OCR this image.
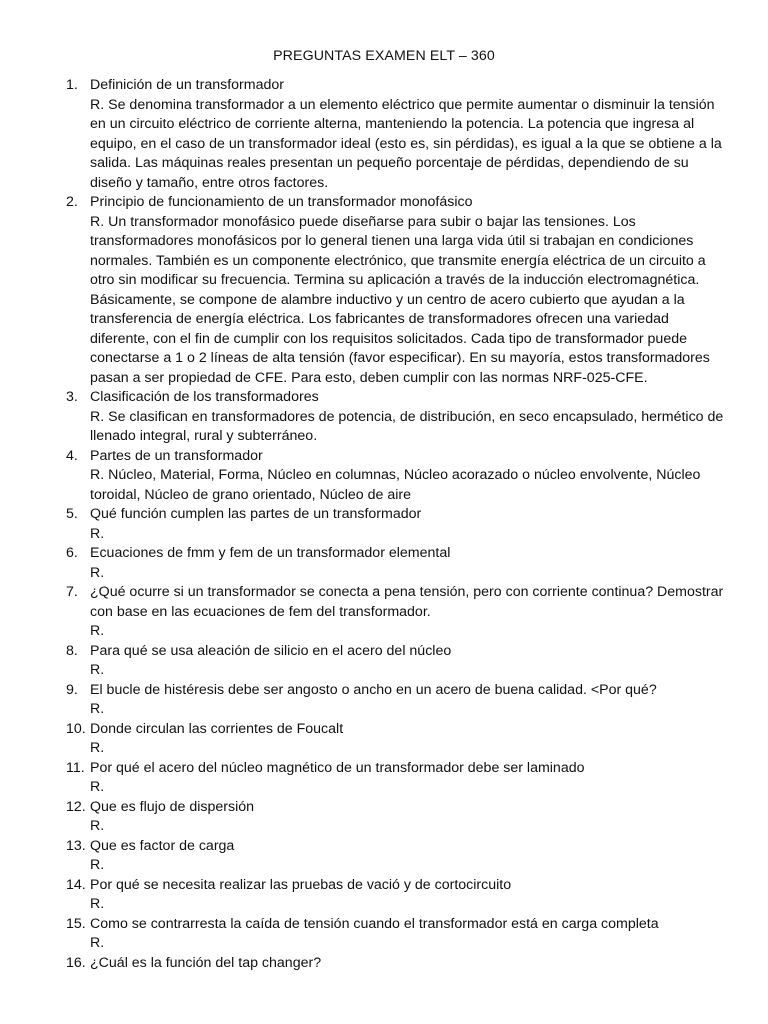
PREGUNTAS EXAMEN ELT – 360
1. Definición de un transformador
R. Se denomina transformador a un elemento eléctrico que permite aumentar o disminuir la tensión en un circuito eléctrico de corriente alterna, manteniendo la potencia. La potencia que ingresa al equipo, en el caso de un transformador ideal (esto es, sin pérdidas), es igual a la que se obtiene a la salida. Las máquinas reales presentan un pequeño porcentaje de pérdidas, dependiendo de su diseño y tamaño, entre otros factores.
2. Principio de funcionamiento de un transformador monofásico
R. Un transformador monofásico puede diseñarse para subir o bajar las tensiones. Los transformadores monofásicos por lo general tienen una larga vida útil si trabajan en condiciones normales. También es un componente electrónico, que transmite energía eléctrica de un circuito a otro sin modificar su frecuencia. Termina su aplicación a través de la inducción electromagnética. Básicamente, se compone de alambre inductivo y un centro de acero cubierto que ayudan a la transferencia de energía eléctrica. Los fabricantes de transformadores ofrecen una variedad diferente, con el fin de cumplir con los requisitos solicitados. Cada tipo de transformador puede conectarse a 1 o 2 líneas de alta tensión (favor especificar). En su mayoría, estos transformadores pasan a ser propiedad de CFE. Para esto, deben cumplir con las normas NRF-025-CFE.
3. Clasificación de los transformadores
R. Se clasifican en transformadores de potencia, de distribución, en seco encapsulado, hermético de llenado integral, rural y subterráneo.
4. Partes de un transformador
R. Núcleo, Material, Forma, Núcleo en columnas, Núcleo acorazado o núcleo envolvente, Núcleo toroidal, Núcleo de grano orientado, Núcleo de aire
5. Qué función cumplen las partes de un transformador
R.
6. Ecuaciones de fmm y fem de un transformador elemental
R.
7. ¿Qué ocurre si un transformador se conecta a pena tensión, pero con corriente continua? Demostrar con base en las ecuaciones de fem del transformador.
R.
8. Para qué se usa aleación de silicio en el acero del núcleo
R.
9. El bucle de histéresis debe ser angosto o ancho en un acero de buena calidad. <Por qué?
R.
10. Donde circulan las corrientes de Foucalt
R.
11. Por qué el acero del núcleo magnético de un transformador debe ser laminado
R.
12. Que es flujo de dispersión
R.
13. Que es factor de carga
R.
14. Por qué se necesita realizar las pruebas de vació y de cortocircuito
R.
15. Como se contrarresta la caída de tensión cuando el transformador está en carga completa
R.
16. ¿Cuál es la función del tap changer?
